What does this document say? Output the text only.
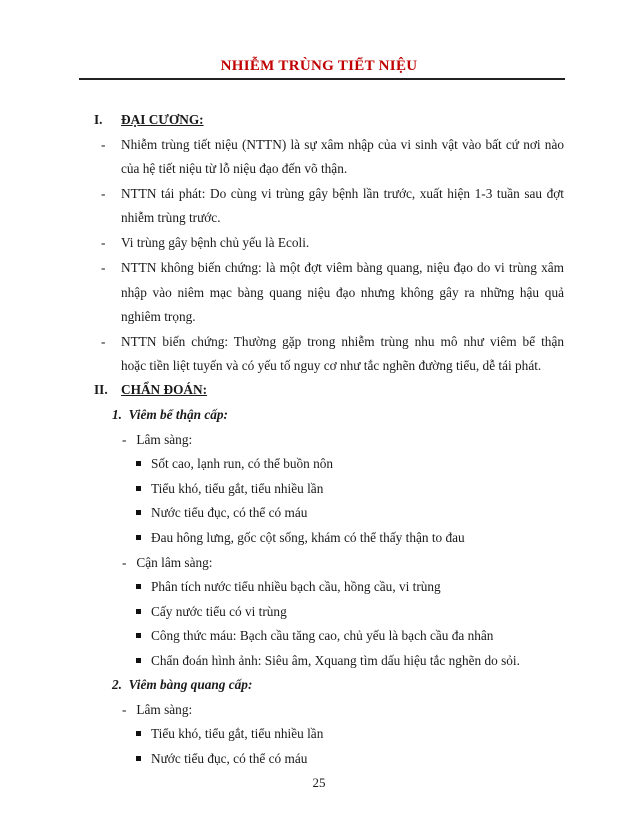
NHIỄM TRÙNG TIỂT NIỆU
I. ĐẠI CƯƠNG:
- Nhiễm trùng tiết niệu (NTTN) là sự xâm nhập của vi sinh vật vào bất cứ nơi nào
của hệ tiết niệu từ lỗ niệu đạo đến võ thận.
- NTTN tái phát: Do cùng vi trùng gây bệnh lần trước, xuất hiện 1-3 tuần sau đợt
nhiễm trùng trước.
- Vi trùng gây bệnh chủ yếu là Ecoli.
- NTTN không biến chứng: là một đợt viêm bàng quang, niệu đạo do vi trùng xâm
nhập vào niêm mạc bàng quang niệu đạo nhưng không gây ra những hậu quả
nghiêm trọng.
- NTTN biến chứng: Thường gặp trong nhiễm trùng nhu mô như viêm bể thận
hoặc tiền liệt tuyến và có yếu tố nguy cơ như tắc nghẽn đường tiểu, dễ tái phát.
II. CHẨN ĐOÁN:
1.  Viêm bể thận cấp:
-   Lâm sàng:
Sốt cao, lạnh run, có thể buồn nôn
Tiểu khó, tiểu gắt, tiểu nhiều lần
Nước tiểu đục, có thể có máu
Đau hông lưng, gốc cột sống, khám có thể thấy thận to đau
-   Cận lâm sàng:
Phân tích nước tiểu nhiều bạch cầu, hồng cầu, vi trùng
Cấy nước tiểu có vi trùng
Công thức máu: Bạch cầu tăng cao, chủ yếu là bạch cầu đa nhân
Chẩn đoán hình ảnh: Siêu âm, Xquang tìm dấu hiệu tắc nghẽn do sỏi.
2.  Viêm bàng quang cấp:
-   Lâm sàng:
Tiểu khó, tiểu gắt, tiểu nhiều lần
Nước tiểu đục, có thể có máu
25
